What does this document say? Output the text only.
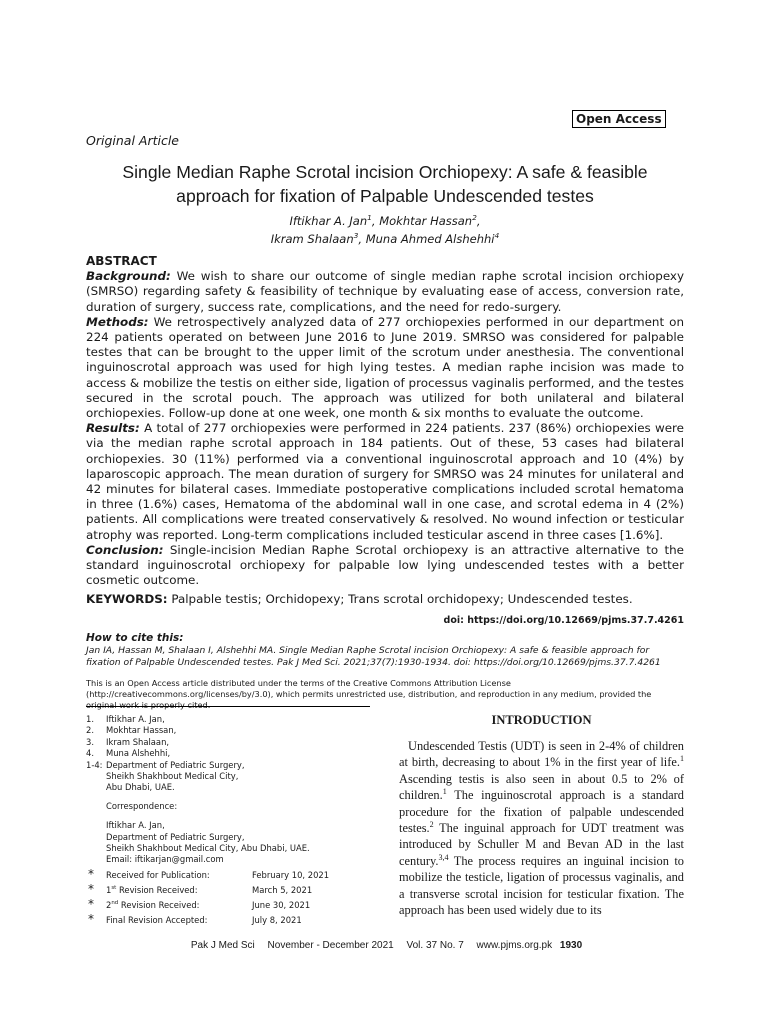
Open Access
Original Article
Single Median Raphe Scrotal incision Orchiopexy: A safe & feasible approach for fixation of Palpable Undescended testes
Iftikhar A. Jan$^1$, Mokhtar Hassan$^2$,
Ikram Shalaan$^3$, Muna Ahmed Alshehhi$^4$
ABSTRACT

Background: We wish to share our outcome of single median raphe scrotal incision orchiopexy (SMRSO) regarding safety & feasibility of technique by evaluating ease of access, conversion rate, duration of surgery, success rate, complications, and the need for redo-surgery.

Methods: We retrospectively analyzed data of 277 orchiopexies performed in our department on 224 patients operated on between June 2016 to June 2019. SMRSO was considered for palpable testes that can be brought to the upper limit of the scrotum under anesthesia. The conventional inguinoscrotal approach was used for high lying testes. A median raphe incision was made to access & mobilize the testis on either side, ligation of processus vaginalis performed, and the testes secured in the scrotal pouch. The approach was utilized for both unilateral and bilateral orchiopexies. Follow-up done at one week, one month & six months to evaluate the outcome.

Results: A total of 277 orchiopexies were performed in 224 patients. 237 (86%) orchiopexies were via the median raphe scrotal approach in 184 patients. Out of these, 53 cases had bilateral orchiopexies. 30 (11%) performed via a conventional inguinoscrotal approach and 10 (4%) by laparoscopic approach. The mean duration of surgery for SMRSO was 24 minutes for unilateral and 42 minutes for bilateral cases. Immediate postoperative complications included scrotal hematoma in three (1.6%) cases, Hematoma of the abdominal wall in one case, and scrotal edema in 4 (2%) patients. All complications were treated conservatively & resolved. No wound infection or testicular atrophy was reported. Long-term complications included testicular ascend in three cases [1.6%].

Conclusion: Single-incision Median Raphe Scrotal orchiopexy is an attractive alternative to the standard inguinoscrotal orchiopexy for palpable low lying undescended testes with a better cosmetic outcome.

KEYWORDS: Palpable testis; Orchidopexy; Trans scrotal orchidopexy; Undescended testes.
doi: https://doi.org/10.12669/pjms.37.7.4261
How to cite this:
Jan IA, Hassan M, Shalaan I, Alshehhi MA. Single Median Raphe Scrotal incision Orchiopexy: A safe & feasible approach for fixation of Palpable Undescended testes. Pak J Med Sci. 2021;37(7):1930-1934. doi: https://doi.org/10.12669/pjms.37.7.4261
This is an Open Access article distributed under the terms of the Creative Commons Attribution License (http://creativecommons.org/licenses/by/3.0), which permits unrestricted use, distribution, and reproduction in any medium, provided the original work is properly cited.
1. Iftikhar A. Jan,
2. Mokhtar Hassan,
3. Ikram Shalaan,
4. Muna Alshehhi,
1-4: Department of Pediatric Surgery,
Sheikh Shakhbout Medical City,
Abu Dhabi, UAE.
Correspondence:
Iftikhar A. Jan,
Department of Pediatric Surgery,
Sheikh Shakhbout Medical City, Abu Dhabi, UAE.
Email: iftikarjan@gmail.com
* Received for Publication:	February 10, 2021
* 1st Revision Received:	March 5, 2021
* 2nd Revision Received:	June 30, 2021
* Final Revision Accepted:	July 8, 2021
INTRODUCTION
Undescended Testis (UDT) is seen in 2-4% of children at birth, decreasing to about 1% in the first year of life.$^1$ Ascending testis is also seen in about 0.5 to 2% of children.$^1$ The inguinoscrotal approach is a standard procedure for the fixation of palpable undescended testes.$^2$ The inguinal approach for UDT treatment was introduced by Schuller M and Bevan AD in the last century.$^{3,4}$ The process requires an inguinal incision to mobilize the testicle, ligation of processus vaginalis, and a transverse scrotal incision for testicular fixation. The approach has been used widely due to its
Pak J Med Sci November - December 2021 Vol. 37 No. 7 www.pjms.org.pk 1930
